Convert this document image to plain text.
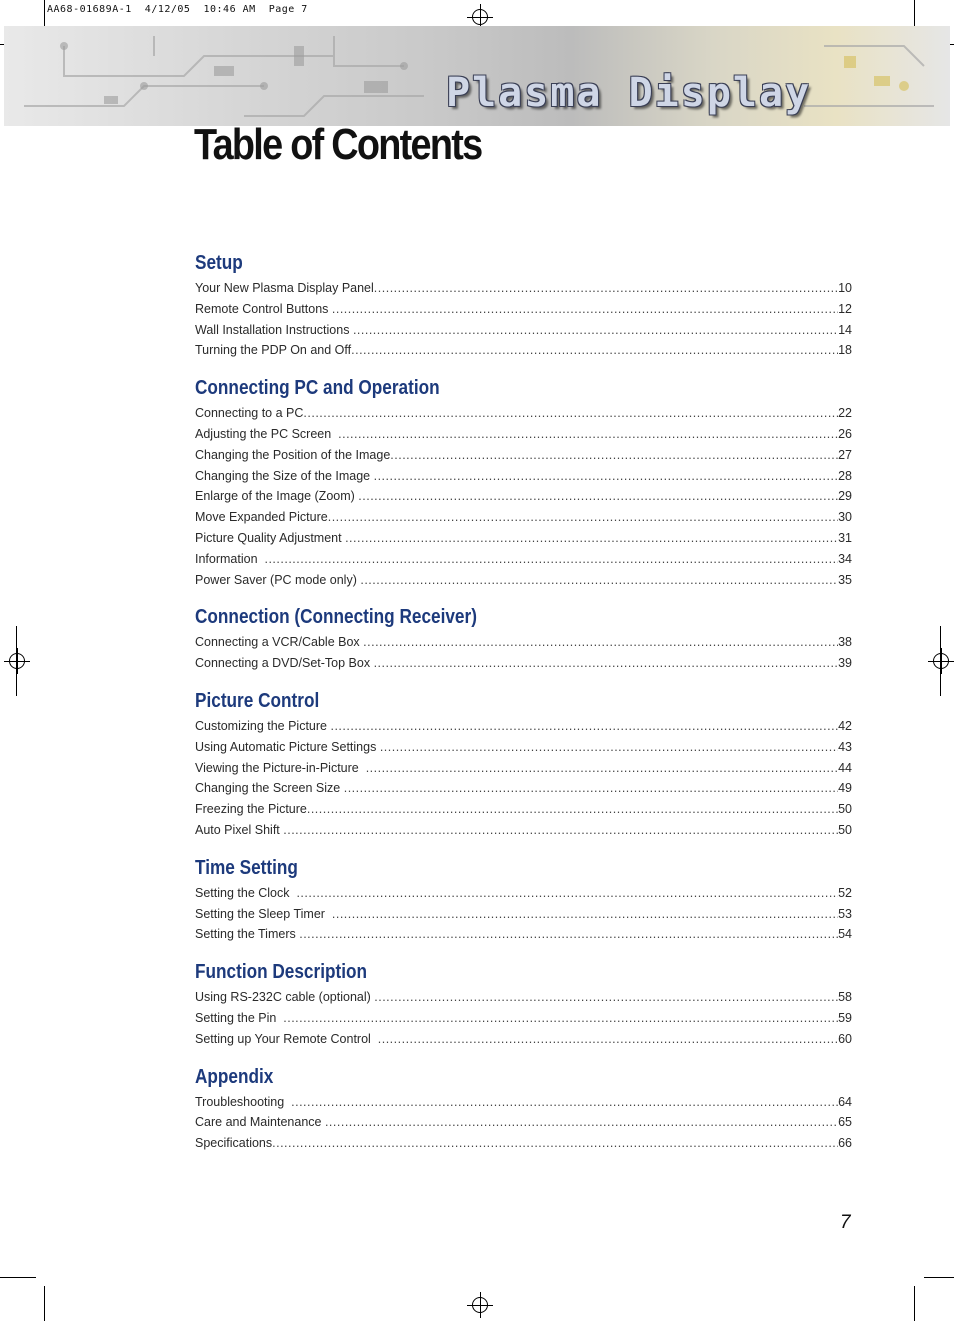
AA68-01689A-1  4/12/05  10:46 AM  Page 7
Plasma Display
Table of Contents
Setup
Your New Plasma Display Panel .....	10
Remote Control Buttons .....	12
Wall Installation Instructions .....	14
Turning the PDP On and Off .....	18
Connecting PC and Operation
Connecting to a PC .....	22
Adjusting the PC Screen .....	26
Changing the Position of the Image .....	27
Changing the Size of the Image .....	28
Enlarge of the Image (Zoom) .....	29
Move Expanded Picture .....	30
Picture Quality Adjustment .....	31
Information .....	34
Power Saver (PC mode only) .....	35
Connection (Connecting Receiver)
Connecting a VCR/Cable Box .....	38
Connecting a DVD/Set-Top Box .....	39
Picture Control
Customizing the Picture .....	42
Using Automatic Picture Settings .....	43
Viewing the Picture-in-Picture .....	44
Changing the Screen Size .....	49
Freezing the Picture .....	50
Auto Pixel Shift .....	50
Time Setting
Setting the Clock .....	52
Setting the Sleep Timer .....	53
Setting the Timers .....	54
Function Description
Using RS-232C cable (optional) .....	58
Setting the Pin .....	59
Setting up Your Remote Control .....	60
Appendix
Troubleshooting .....	64
Care and Maintenance .....	65
Specifications .....	66
7
